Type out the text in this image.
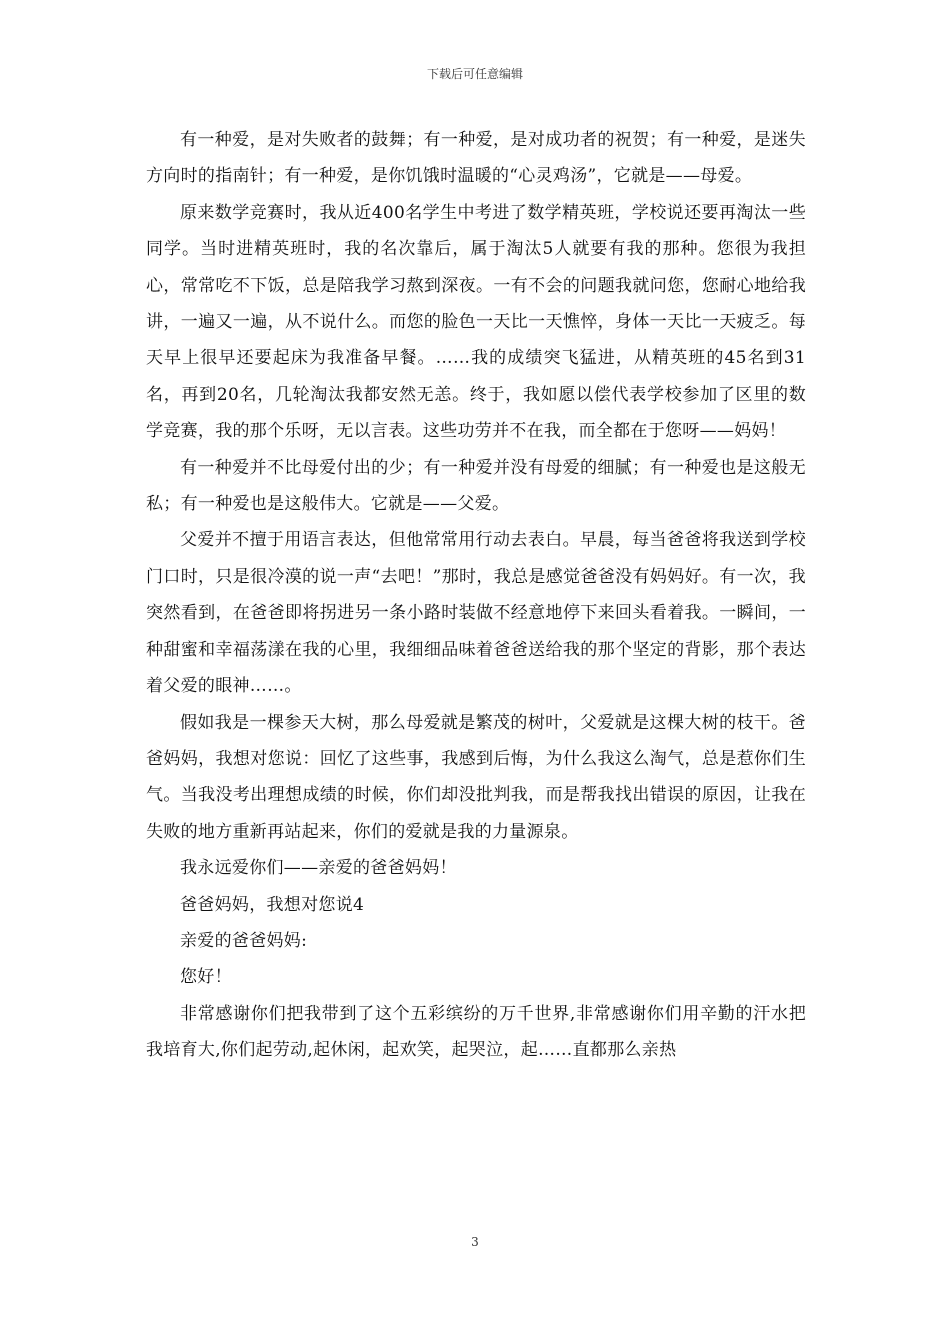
下载后可任意编辑

有一种爱，是对失败者的鼓舞；有一种爱，是对成功者的祝贺；有一种爱，是迷失方向时的指南针；有一种爱，是你饥饿时温暖的“心灵鸡汤”，它就是——母爱。

原来数学竞赛时，我从近400名学生中考进了数学精英班，学校说还要再淘汰一些同学。当时进精英班时，我的名次靠后，属于淘汰5人就要有我的那种。您很为我担心，常常吃不下饭，总是陪我学习熬到深夜。一有不会的问题我就问您，您耐心地给我讲，一遍又一遍，从不说什么。而您的脸色一天比一天憔悴，身体一天比一天疲乏。每天早上很早还要起床为我准备早餐。……我的成绩突飞猛进，从精英班的45名到31名，再到20名，几轮淘汰我都安然无恙。终于，我如愿以偿代表学校参加了区里的数学竞赛，我的那个乐呀，无以言表。这些功劳并不在我，而全都在于您呀——妈妈！

有一种爱并不比母爱付出的少；有一种爱并没有母爱的细腻；有一种爱也是这般无私；有一种爱也是这般伟大。它就是——父爱。

父爱并不擅于用语言表达，但他常常用行动去表白。早晨，每当爸爸将我送到学校门口时，只是很冷漠的说一声“去吧！”那时，我总是感觉爸爸没有妈妈好。有一次，我突然看到，在爸爸即将拐进另一条小路时装做不经意地停下来回头看着我。一瞬间，一种甜蜜和幸福荡漾在我的心里，我细细品味着爸爸送给我的那个坚定的背影，那个表达着父爱的眼神……。

假如我是一棵参天大树，那么母爱就是繁茂的树叶，父爱就是这棵大树的枝干。爸爸妈妈，我想对您说：回忆了这些事，我感到后悔，为什么我这么淘气，总是惹你们生气。当我没考出理想成绩的时候，你们却没批判我，而是帮我找出错误的原因，让我在失败的地方重新再站起来，你们的爱就是我的力量源泉。

我永远爱你们——亲爱的爸爸妈妈！

爸爸妈妈，我想对您说4

亲爱的爸爸妈妈:

您好！

非常感谢你们把我带到了这个五彩缤纷的万千世界,非常感谢你们用辛勤的汗水把我培育大,你们起劳动,起休闲，起欢笑，起哭泣，起……直都那么亲热

3
